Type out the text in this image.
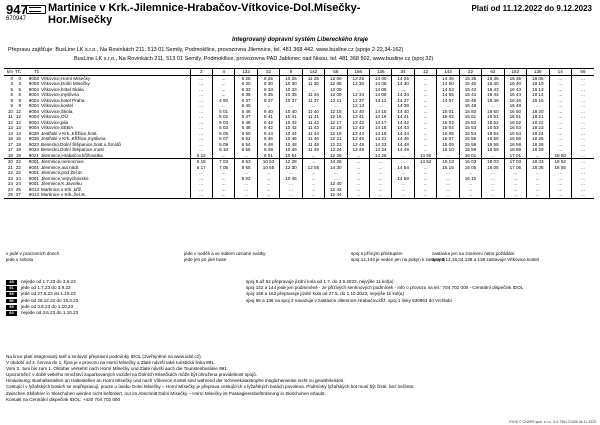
947
670947
Martinice v Krk.-Jilemnice-Hrabačov-Vítkovice-Dol.Mísečky-
Hor.Mísečky
Platí od 11.12.2022 do 9.12.2023
Integrovaný dopravní systém Libereckého kraje
Přepravu zajišťuje: BusLine LK s.r.o., Na Rovinkách 211, 513 01 Semily, Podmokllice, provozovna Jilemnice, tel. 481 368 442, www.busline.cz (spoje 2-22,34-162)
BusLine LK s.r.o., Na Rovinkách 211, 513 01 Semily, Podmokllice, provozovna PAD Jablonec nad Nisou, tel. 481 368 502, www.busline.cz (spoj 32)
km	TČ	Tč		2	4	132	32	8	142	56	156	136	34	12	144	22	62	162	138	14	66
0	0	9003	Vítkovice,Horní Mísečky	...	...	6 25	8 25	10 25	11 25	12 00	12 25	14 00	14 25	...	14 45	15 35	15 35	16 35	18 05	...	...
3	3	9003	Vítkovice,Dolní Mísečky	...	...	6 30	8 30	10 30	11 30	12 05	12 30	14 05	14 30	...	14 50	15 40	15 40	16 40	18 10	...	...
5	5	9004	Vítkovice,hotel Skála	...	...	6 33	8 33	10 33	...	12 08	...	14 08	...	...	14 53	15 43	15 43	16 43	18 13	...	...
6	6	9004	Vítkovice,myslivna	...	...	6 35	8 35	10 35	11 34	12 09	12 34	14 09	14 34	...	14 55	15 44	15 44	16 44	18 14	...	...
8	8	9004	Vítkovice,hotel Praha	...	4 50	6 37	8 37	10 37	11 37	12 11	12 37	14 11	14 37	...	14 57	15 46	15 46	16 46	18 16	...	...
9	9	9004	Vítkovice,kostel	...	...	6 40	...	...	...	...	12 13	...	14 39	...	...	15 48	...	16 48	...	...	...
10	12	9004	Vítkovice,Škola	...	5 01	6 46	8 40	10 40	11 40	12 15	12 40	14 15	14 40	...	15 01	15 50	15 50	16 50	18 20	...	...
11	12	9004	Vítkovice,OÚ	...	5 02	6 47	8 41	10 41	11 41	12 16	12 41	14 16	14 41	...	15 02	15 51	15 51	16 51	18 21	...	...
12	12	9004	Vítkovice,pila	...	5 03	6 48	8 42	10 42	11 42	12 17	12 42	14 17	14 42	...	15 03	15 52	15 52	16 52	18 22	...	...
13	13	9004	Vítkovice,SEBA	...	5 03	6 48	8 42	10 42	11 43	12 18	12 43	14 18	14 43	...	15 04	15 53	15 53	16 53	18 23	...	...
14	14	9026	Jestřabí v Krk.,Křižlice,host.	...	5 05	6 50	8 44	10 44	11 44	12 19	12 44	14 19	14 44	...	15 05	15 54	15 54	16 54	18 24	...	...
16	16	9026	Jestřabí v Krk.,Křižlice,myslivna	...	5 07	6 52	8 46	10 46	11 46	12 21	12 46	14 21	14 46	...	15 07	15 56	15 56	16 56	18 26	...	...
17	19	9023	Benecko,Dolní Štěpanice,host.u Šmídů	...	5 09	6 54	8 48	10 48	11 48	12 23	12 48	14 23	14 48	...	15 09	15 58	15 58	16 58	18 28	...	...
17	19	9023	Benecko,Dolní Štěpanice,most	...	5 10	6 55	8 49	10 49	11 49	12 24	12 49	14 24	14 49	...	15 10	15 59	15 59	16 59	18 29	...	...
18	19	9021	Jilemnice,Hrabačov,křižovatka	5 12	...	...	8 51	10 51	...	12 26	...	14 26	...	14 50	...	16 01	...	17 01	...	18 50	...
20	22	9001	Jilemnice,nemocnice	5 15	7 03	8 53	10 53	12 28	...	14 28	...	...	...	14 52	15 13	16 03	16 03	17 03	18 33	18 52	...
21	22	9001	Jilemnice,aut.nádr.	5 17	7 05	8 55	10 55	12 30	12 55	14 30	...	...	14 54	...	15 15	16 05	16 05	17 05	18 35	18 55	...
22	22	9001	Jilemnice,pod Žel.st.	...	...	...	...	...	...	...	...	...	...	...	...	...	...	...	...	...	...
23	24	9001	Jilemnice,Vejrychovsko	...	...	9 02	...	10 45	...	...	...	...	14 59	...	...	16 10	...	...	...	...	...
24	24	9001	Jilemnice,K.Javorku	...	...	...	...	...	...	12 40	...	...	...	...	...	...	...	...	...	...	...
24	26	9013	Martinice v Krk.,křiž.	...	...	...	...	...	...	12 43	...	...	...	...	...	...	...	...	...	...	...
25	27	9013	Martinice v Krk.,žel.st.	...	...	...	...	...	...	12 44	...	...	...	...	...	...	...	...	...	...	...
x jede v pracovních dnech
jede v sobotu
jede v neděli a ve státem uznané svátky
jede jen po jiné trase
spoj s přímým přestupem
spoj 12,144 je veden jen na pokyn k zastavení
zastávka jen na znamení nebo požádání
spoj 8,12,16,34,138 a 138 zastavuje Vítkovice,kostel
45 nejede od 1.7.23 do 3.9.23
51 jede od 1.7.23 do 3.9.23
55 jede od 27.5.23 do 1.10.23
56 jede od 26.12.22 do 15.3.23
59 jede od 3.6.23 do 1.10.23
60 nejede od 3.6.23 do 1.10.23
spoj 8 až 62 přepravuje jízdní kola od 1.7. do 3.9.2023, nejvýše 11 kol(a)
spoj 142 a 144 jede jen podmíněně - ze přízivých senhnových podmínek - info o provozu na tel.: 704 702 000 - Centrální dispečink IDOL
spoj 156 a 162 přepravuje jízdní kola od 27.5. do 1.10.2023, nejvýše 11 kol(a)
spoj 56 a 136 na spoj 2 navazuje v zastávce Jilemnice,Hrabačov,křiž. spoj 1 linky 530953 do Vrchlabí
Na lince platí integrovaný tarif a smluvní přepravní podmínky IDOL (zveřejněné na www.iidol.cz).
V období od 3. června do 1. října je v provozu na Horní Mísečky a Zlaté návrší také turistická linka 991.
Vom 3. Juni bis zum 1. Oktober verkehrt nach Horní Mísečky und Zlaté návrší auch die Touristenbuslinie 991.
Upozornění: v době velkého množství zaparkovaných vozidel na Dolních Mísečkách může být ohrožena pravidelnost spojů.
Hinweisung: Bushaltestellen an Haltestellen an Horní Mísečky und nach Vítkovice,Kostel sind während der Schneekatastrophe möglicherweise nicht zu gewährleisten.
Cestující v lyžařských botách se nepřepravují, pouze u úseku Dolní Mísečky – Horní Mísečky je přeprava cestujících v lyžařských botách povolena. Podmínky lyžařských bot musí být čisté, bez nečistot.
Zwischen Skifahrer in Skischuhen werden nicht befördert, nur im Abschnitt Dolní Mísečky – Horní Mísečky ist Passagierenbeförderung in Skischuhen erlaubt.
Kontakt na Centrální dispečink IDOL: +420 704 702 000
IDOS © CHAPS spol. s r.o., 5.0.7961.21495 04.11.2023
